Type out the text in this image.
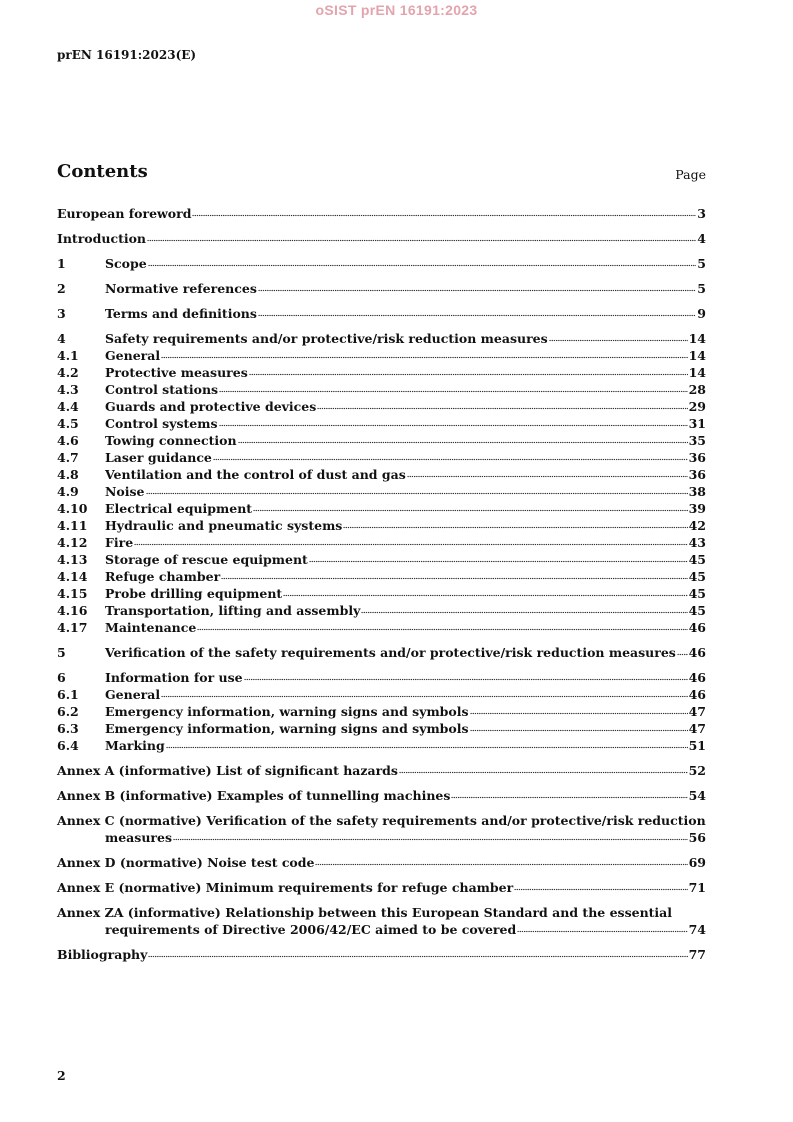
oSIST prEN 16191:2023
prEN 16191:2023(E)
Contents	Page
European foreword	3
Introduction	4
1	Scope	5
2	Normative references	5
3	Terms and definitions	9
4	Safety requirements and/or protective/risk reduction measures	14
4.1	General	14
4.2	Protective measures	14
4.3	Control stations	28
4.4	Guards and protective devices	29
4.5	Control systems	31
4.6	Towing connection	35
4.7	Laser guidance	36
4.8	Ventilation and the control of dust and gas	36
4.9	Noise	38
4.10	Electrical equipment	39
4.11	Hydraulic and pneumatic systems	42
4.12	Fire	43
4.13	Storage of rescue equipment	45
4.14	Refuge chamber	45
4.15	Probe drilling equipment	45
4.16	Transportation, lifting and assembly	45
4.17	Maintenance	46
5	Verification of the safety requirements and/or protective/risk reduction measures 46
6	Information for use	46
6.1	General	46
6.2	Emergency information, warning signs and symbols	47
6.3	Emergency information, warning signs and symbols	47
6.4	Marking	51
Annex A (informative) List of significant hazards	52
Annex B (informative) Examples of tunnelling machines	54
Annex C (normative) Verification of the safety requirements and/or protective/risk reduction
measures	56
Annex D (normative) Noise test code	69
Annex E (normative) Minimum requirements for refuge chamber	71
Annex ZA (informative) Relationship between this European Standard and the essential
requirements of Directive 2006/42/EC aimed to be covered	74
Bibliography	77
2
